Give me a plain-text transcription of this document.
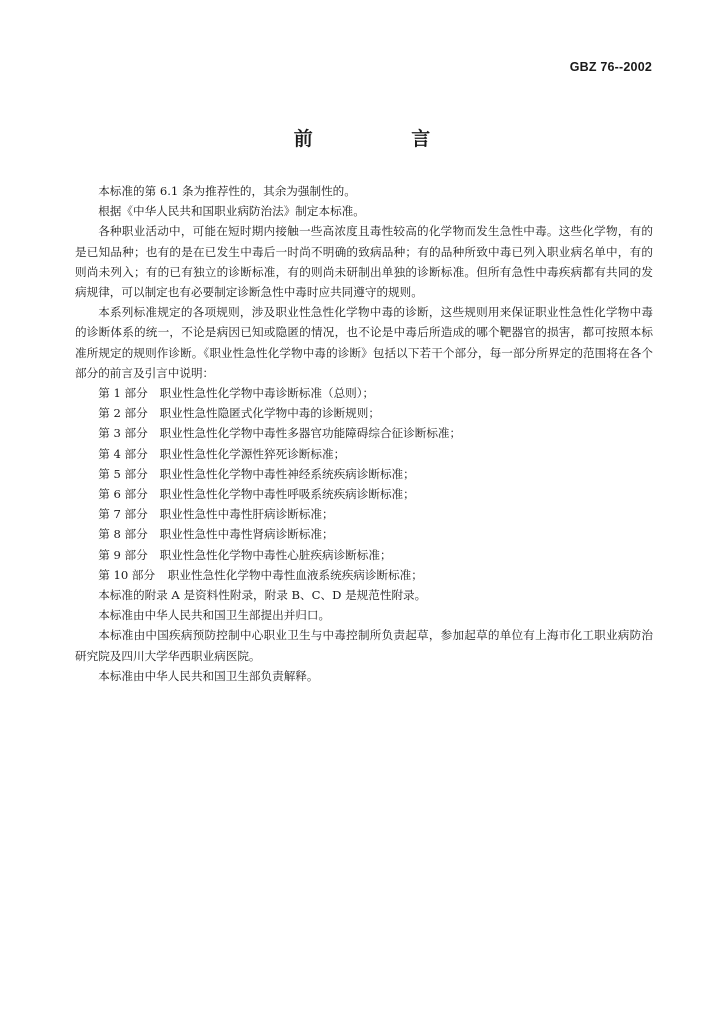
GBZ 76--2002
前 言

本标准的第 6.1 条为推荐性的，其余为强制性的。

根据《中华人民共和国职业病防治法》制定本标准。

各种职业活动中，可能在短时期内接触一些高浓度且毒性较高的化学物而发生急性中毒。这些化学物，有的是已知品种；也有的是在已发生中毒后一时尚不明确的致病品种；有的品种所致中毒已列入职业病名单中，有的则尚未列入；有的已有独立的诊断标准，有的则尚未研制出单独的诊断标准。但所有急性中毒疾病都有共同的发病规律，可以制定也有必要制定诊断急性中毒时应共同遵守的规则。

本系列标准规定的各项规则，涉及职业性急性化学物中毒的诊断，这些规则用来保证职业性急性化学物中毒的诊断体系的统一，不论是病因已知或隐匿的情况，也不论是中毒后所造成的哪个靶器官的损害，都可按照本标准所规定的规则作诊断。《职业性急性化学物中毒的诊断》包括以下若干个部分，每一部分所界定的范围将在各个部分的前言及引言中说明：

第 1 部分 职业性急性化学物中毒诊断标准（总则）；
第 2 部分 职业性急性隐匿式化学物中毒的诊断规则；
第 3 部分 职业性急性化学物中毒性多器官功能障碍综合征诊断标准；
第 4 部分 职业性急性化学源性猝死诊断标准；
第 5 部分 职业性急性化学物中毒性神经系统疾病诊断标准；
第 6 部分 职业性急性化学物中毒性呼吸系统疾病诊断标准；
第 7 部分 职业性急性中毒性肝病诊断标准；
第 8 部分 职业性急性中毒性肾病诊断标准；
第 9 部分 职业性急性化学物中毒性心脏疾病诊断标准；
第 10 部分 职业性急性化学物中毒性血液系统疾病诊断标准；

本标准的附录 A 是资料性附录，附录 B、C、D 是规范性附录。

本标准由中华人民共和国卫生部提出并归口。

本标准由中国疾病预防控制中心职业卫生与中毒控制所负责起草，参加起草的单位有上海市化工职业病防治研究院及四川大学华西职业病医院。

本标准由中华人民共和国卫生部负责解释。
